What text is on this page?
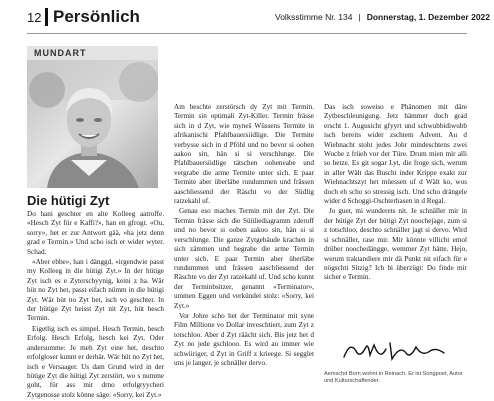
12 Persönlich	Volksstimme Nr. 134 | Donnerstag, 1. Dezember 2022
MUNDART
Die hütigi Zyt

Do hani geschter en alte Kolleeg aatroffe. «Hesch Zyt für e Kaffi?», han en gfrogt. «Ou, sorry», het er zur Antwort gää, «ha jetz denn grad e Termin.» Und scho isch er wider wyter. Schad.

«Aber ebbe», han i dänggd, «irgendwie passt my Kolleeg in die hütigi Zyt.» In der hütige Zyt isch es e Zyterschyynig, keini z ha. Wär hüt no Zyt het, passt eifach nümm in die hütigi Zyt. Wär hüt no Zyt het, isch vo geschter. In der hütige Zyt heisst Zyt nit Zyt, hüt hesch Termin.

Eigetlig isch es simpel. Hesch Termin, hesch Erfolg. Hesch Erfolg, hesch kei Zyt. Oder andersumme: Je meh Zyt eine het, deschto erfolgloser kunnt er derhär. Wär hüt no Zyt het, isch e Versaager. Us dam Grund wird in der hütige Zyt die hütigi Zyt zerstört, wo s numme goht, für ass mir drno erfolgryycheri Zytgenosse stolz könne säge: «Sorry, kei Zyt.»

Am beschte zerstörsch dy Zyt mit Termin. Termin sin optimali Zyt-Killer. Termin frässe sich in d Zyt, wie myneš Wüssens Termite in afrikanischi Pfahlbauersiidlige. Die Termite verbysse sich in d Pföhl und no bevor si ooben aakoo sin, hän si si verschlunge. Die Pfahlbauersiidlige tätschen ooheneabe und vergrabe die arme Termite unter sich. E paar Termite aber überläbe rundummen und frässen aaschliessend der Räscht vo der Siidlig ratzekahl uf.

Genau eso maches Termin mit der Zyt. Die Termin frässe sich die Süüliediagramm zderuff und no bevor si ooben aakoo sin, hän si si verschlunge. Die ganze Zytgebäude krachen in sich zämmen und begrabe die arme Termin unter sich. E paar Termin aber überläbe rundummen und frässen aaschliessend der Räschte vo der Zyt ratzekahl uf. Und scho kunnt der Terminbsitzer, genannt «Terminator», ummen Eggen und verkündet stolz: «Sorry, kei Zyt.»

Vor Johre scho het der Terminator mit syne Film Millione vo Dollar inveschtiert, zum Zyt z totschloo. Aber d Zyt räächt sich. Bis jetz het d Zyt no jede gschlooo. Es wird au immer wie schwiiriger, d Zyt in Griff z krieege. Si segglet uns je langer, je schnäller dervo.

Das isch soweiso e Phänomen mit däre Zytbeschleunigung. Jetz hämmer doch grad erscht 1. Augusicht gfyyrt und schwubbidiwubb isch bereits wider zschtem Advent. Au d Wiehnacht stoht jedes Johr mindeschtens zwei Wuche z früeh vor der Türe. Drum mien mir alli so hetze. Es git sogar Lyt, die froge sich, werum in aller Wält das Buschi inder Krippe exakt zur Wiehnachtszyt het müessen uf d Wält ko, wos doch eh scho so stressig isch. Und scho drängele wider d Schoggi-Oschterhasen in d Regal.

Jo guet, mi wunderets nit. Je schnäller mir in der hütige Zyt der hütigi Zyt noochejage, zum si z totschloo, deschto schnäller jagt si dervo. Wird si schnäller, rase mir. Mir könnte villicht emol drüber noochedängge, wemmer Zyt hätte. Hejo, werum traktandiere mir dä Punkt nit eifach für e nögschti Sitzig? Ich bi überzügt: Do finde mir sicher e Termin.

Aemsch​d Born wohnt in Reinach. Er ist Songpoet, Autor und Kulturschaffender.
